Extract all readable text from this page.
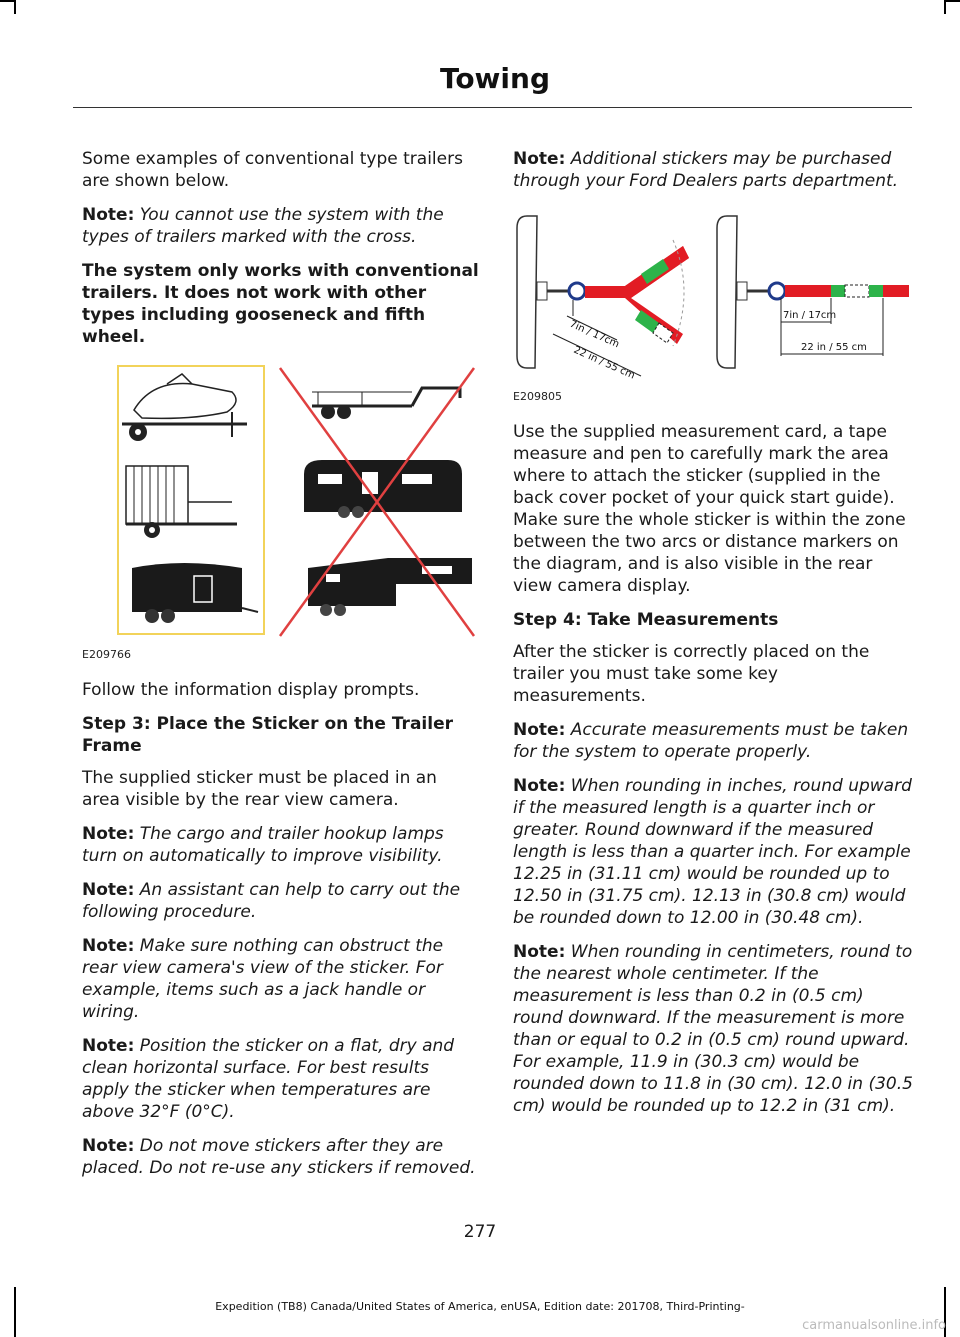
Towing

Some examples of conventional type trailers are shown below.

Note: You cannot use the system with the types of trailers marked with the cross.

The system only works with conventional trailers. It does not work with other types including gooseneck and fifth wheel.

E209766

Follow the information display prompts.

Step 3: Place the Sticker on the Trailer Frame

The supplied sticker must be placed in an area visible by the rear view camera.

Note: The cargo and trailer hookup lamps turn on automatically to improve visibility.

Note: An assistant can help to carry out the following procedure.

Note: Make sure nothing can obstruct the rear view camera's view of the sticker. For example, items such as a jack handle or wiring.

Note: Position the sticker on a flat, dry and clean horizontal surface. For best results apply the sticker when temperatures are above 32°F (0°C).

Note: Do not move stickers after they are placed. Do not re-use any stickers if removed.

Note: Additional stickers may be purchased through your Ford Dealers parts department.

7in / 17cm
22 in / 55 cm
7in / 17cm
22 in / 55 cm
E209805

Use the supplied measurement card, a tape measure and pen to carefully mark the area where to attach the sticker (supplied in the back cover pocket of your quick start guide). Make sure the whole sticker is within the zone between the two arcs or distance markers on the diagram, and is also visible in the rear view camera display.

Step 4: Take Measurements

After the sticker is correctly placed on the trailer you must take some key measurements.

Note: Accurate measurements must be taken for the system to operate properly.

Note: When rounding in inches, round upward if the measured length is a quarter inch or greater. Round downward if the measured length is less than a quarter inch. For example 12.25 in (31.11 cm) would be rounded up to 12.50 in (31.75 cm). 12.13 in (30.8 cm) would be rounded down to 12.00 in (30.48 cm).

Note: When rounding in centimeters, round to the nearest whole centimeter. If the measurement is less than 0.2 in (0.5 cm) round downward. If the measurement is more than or equal to 0.2 in (0.5 cm) round upward. For example, 11.9 in (30.3 cm) would be rounded down to 11.8 in (30 cm). 12.0 in (30.5 cm) would be rounded up to 12.2 in (31 cm).

277
Expedition (TB8) Canada/United States of America, enUSA, Edition date: 201708, Third-Printing-
carmanualsonline.info
